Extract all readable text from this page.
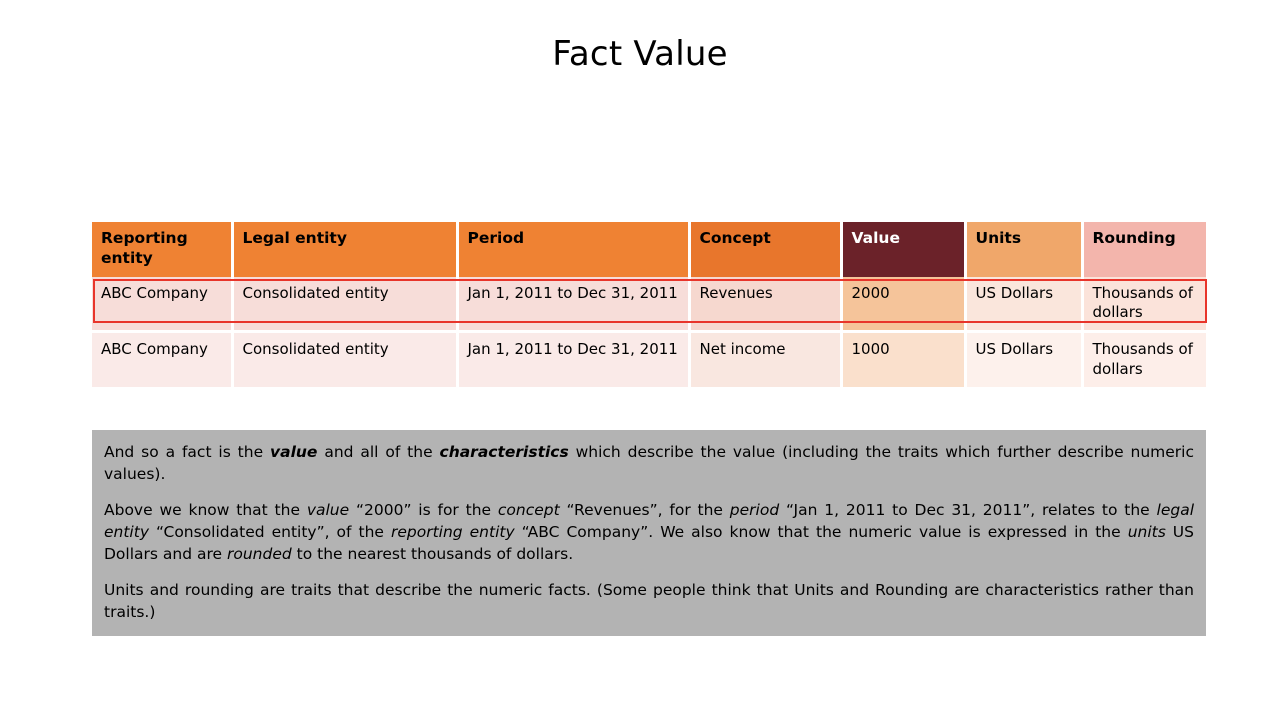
Fact Value
Reporting entity	Legal entity	Period	Concept	Value	Units	Rounding
ABC Company	Consolidated entity	Jan 1, 2011 to Dec 31, 2011	Revenues	2000	US Dollars	Thousands of dollars
ABC Company	Consolidated entity	Jan 1, 2011 to Dec 31, 2011	Net income	1000	US Dollars	Thousands of dollars

And so a fact is the value and all of the characteristics which describe the value (including the traits which further describe numeric values).

Above we know that the value “2000” is for the concept “Revenues”, for the period “Jan 1, 2011 to Dec 31, 2011”, relates to the legal entity “Consolidated entity”, of the reporting entity “ABC Company”. We also know that the numeric value is expressed in the units US Dollars and are rounded to the nearest thousands of dollars.

Units and rounding are traits that describe the numeric facts. (Some people think that Units and Rounding are characteristics rather than traits.)
